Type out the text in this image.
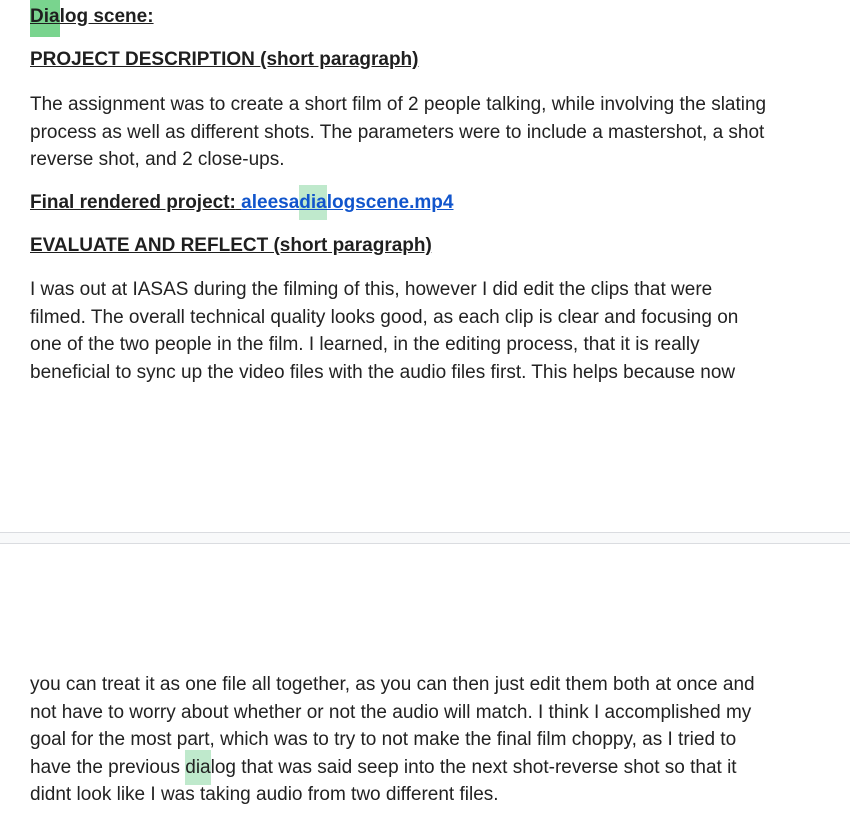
Dialog scene:
PROJECT DESCRIPTION (short paragraph)
The assignment was to create a short film of 2 people talking, while involving the slating
process as well as different shots. The parameters were to include a mastershot, a shot
reverse shot, and 2 close-ups.
Final rendered project: aleesadialogscene.mp4
EVALUATE AND REFLECT (short paragraph)
I was out at IASAS during the filming of this, however I did edit the clips that were
filmed. The overall technical quality looks good, as each clip is clear and focusing on
one of the two people in the film. I learned, in the editing process, that it is really
beneficial to sync up the video files with the audio files first. This helps because now
you can treat it as one file all together, as you can then just edit them both at once and
not have to worry about whether or not the audio will match. I think I accomplished my
goal for the most part, which was to try to not make the final film choppy, as I tried to
have the previous dialog that was said seep into the next shot-reverse shot so that it
didnt look like I was taking audio from two different files.
